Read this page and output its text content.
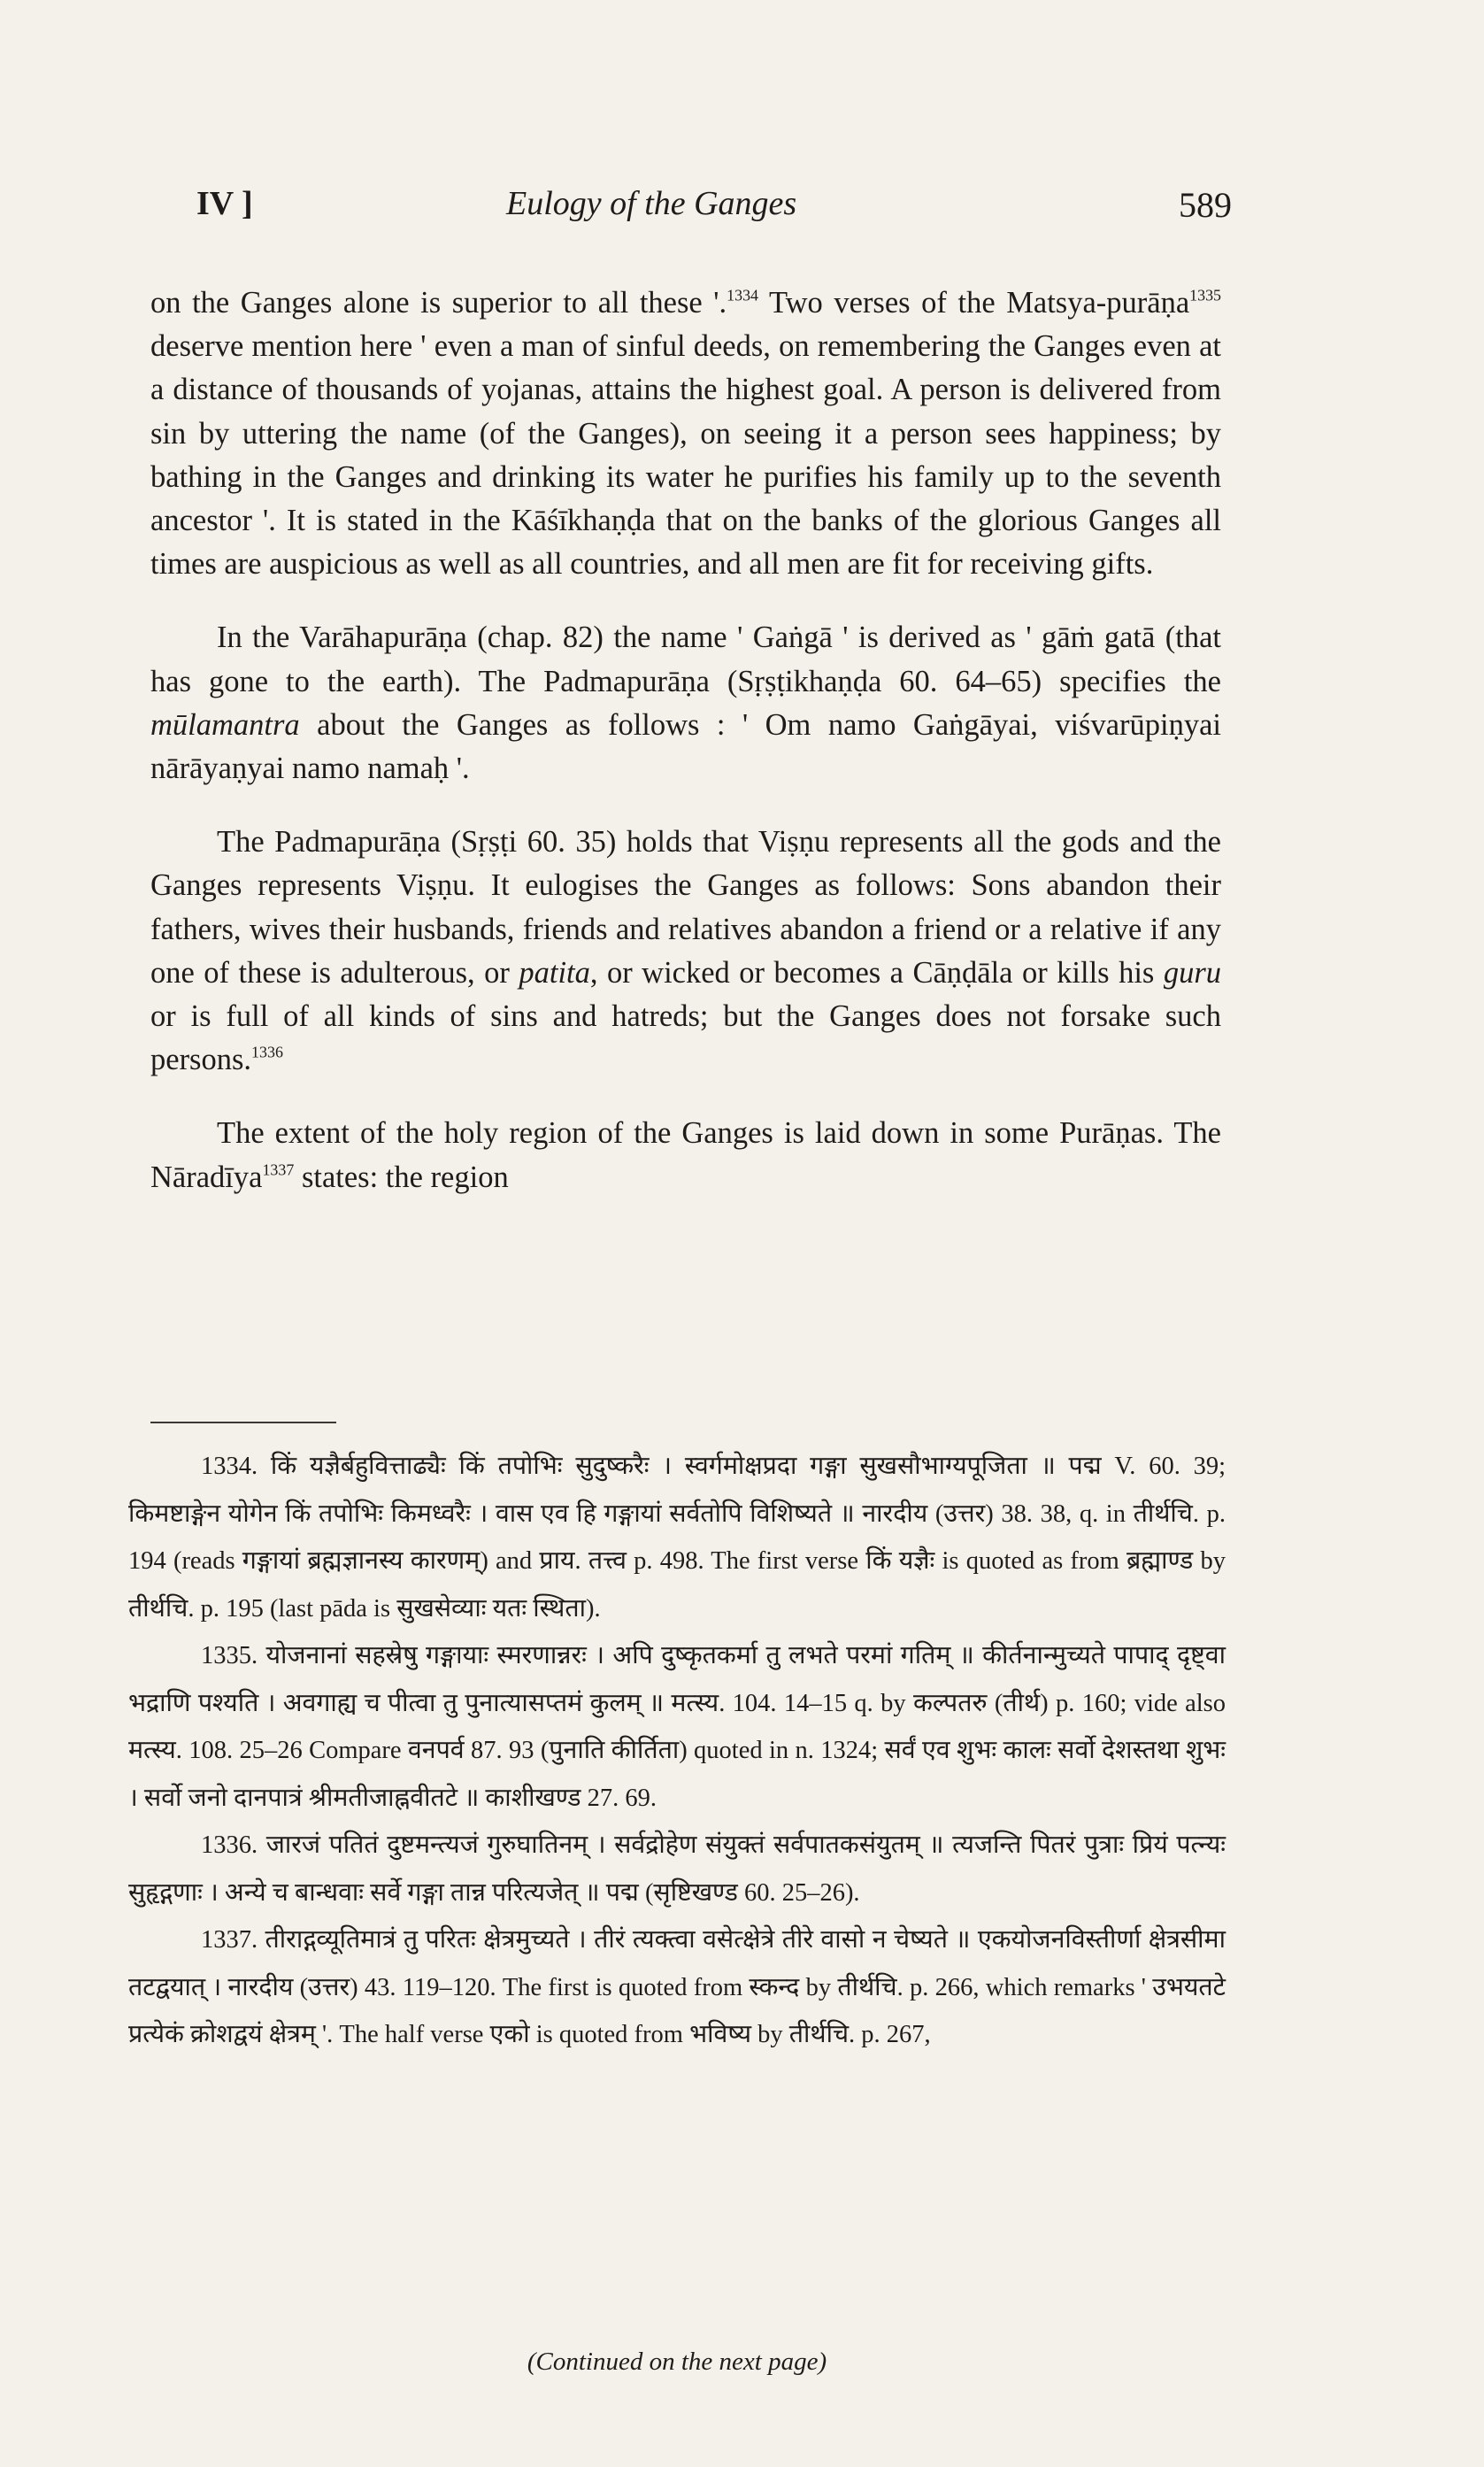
IV ]	Eulogy of the Ganges	589

on the Ganges alone is superior to all these '.$^{1334}$ Two verses of the Matsya-purāṇa$^{1335}$ deserve mention here ' even a man of sinful deeds, on remembering the Ganges even at a distance of thousands of yojanas, attains the highest goal. A person is delivered from sin by uttering the name (of the Ganges), on seeing it a person sees happiness; by bathing in the Ganges and drinking its water he purifies his family up to the seventh ancestor '. It is stated in the Kāśīkhaṇḍa that on the banks of the glorious Ganges all times are auspicious as well as all countries, and all men are fit for receiving gifts.

In the Varāhapurāṇa (chap. 82) the name ' Gaṅgā ' is derived as ' gāṁ gatā (that has gone to the earth). The Padmapurāṇa (Sṛṣṭikhaṇḍa 60. 64–65) specifies the mūlamantra about the Ganges as follows : ' Om namo Gaṅgāyai, viśvarūpiṇyai nārāyaṇyai namo namaḥ '.

The Padmapurāṇa (Sṛṣṭi 60. 35) holds that Viṣṇu represents all the gods and the Ganges represents Viṣṇu. It eulogises the Ganges as follows: Sons abandon their fathers, wives their husbands, friends and relatives abandon a friend or a relative if any one of these is adulterous, or patita, or wicked or becomes a Cāṇḍāla or kills his guru or is full of all kinds of sins and hatreds; but the Ganges does not forsake such persons.$^{1336}$

The extent of the holy region of the Ganges is laid down in some Purāṇas. The Nāradīya$^{1337}$ states: the region

1334. किं यज्ञैर्बहुवित्ताढ्यैः किं तपोभिः सुदुष्करैः । स्वर्गमोक्षप्रदा गङ्गा सुखसौभाग्यपूजिता ॥ पद्म V. 60. 39; किमष्टाङ्गेन योगेन किं तपोभिः किमध्वरैः । वास एव हि गङ्गायां सर्वतोपि विशिष्यते ॥ नारदीय (उत्तर) 38. 38, q. in तीर्थचि. p. 194 (reads गङ्गायां ब्रह्मज्ञानस्य कारणम्) and प्राय. तत्त्व p. 498. The first verse किं यज्ञैः is quoted as from ब्रह्माण्ड by तीर्थचि. p. 195 (last pāda is सुखसेव्याः यतः स्थिता).

1335. योजनानां सहस्रेषु गङ्गायाः स्मरणान्नरः । अपि दुष्कृतकर्मा तु लभते परमां गतिम् ॥ कीर्तनान्मुच्यते पापाद् दृष्ट्वा भद्राणि पश्यति । अवगाह्य च पीत्वा तु पुनात्यासप्तमं कुलम् ॥ मत्स्य. 104. 14–15 q. by कल्पतरु (तीर्थ) p. 160; vide also मत्स्य. 108. 25–26 Compare वनपर्व 87. 93 (पुनाति कीर्तिता) quoted in n. 1324; सर्वं एव शुभः कालः सर्वो देशस्तथा शुभः । सर्वो जनो दानपात्रं श्रीमतीजाह्नवीतटे ॥ काशीखण्ड 27. 69.

1336. जारजं पतितं दुष्टमन्त्यजं गुरुघातिनम् । सर्वद्रोहेण संयुक्तं सर्वपातकसंयुतम् ॥ त्यजन्ति पितरं पुत्राः प्रियं पत्न्यः सुहृद्गणाः । अन्ये च बान्धवाः सर्वे गङ्गा तान्न परित्यजेत् ॥ पद्म (सृष्टिखण्ड 60. 25–26).

1337. तीराद्गव्यूतिमात्रं तु परितः क्षेत्रमुच्यते । तीरं त्यक्त्वा वसेत्क्षेत्रे तीरे वासो न चेष्यते ॥ एकयोजनविस्तीर्णा क्षेत्रसीमा तटद्वयात् । नारदीय (उत्तर) 43. 119–120. The first is quoted from स्कन्द by तीर्थचि. p. 266, which remarks ' उभयतटे प्रत्येकं क्रोशद्वयं क्षेत्रम् '. The half verse एको is quoted from भविष्य by तीर्थचि. p. 267,

(Continued on the next page)
